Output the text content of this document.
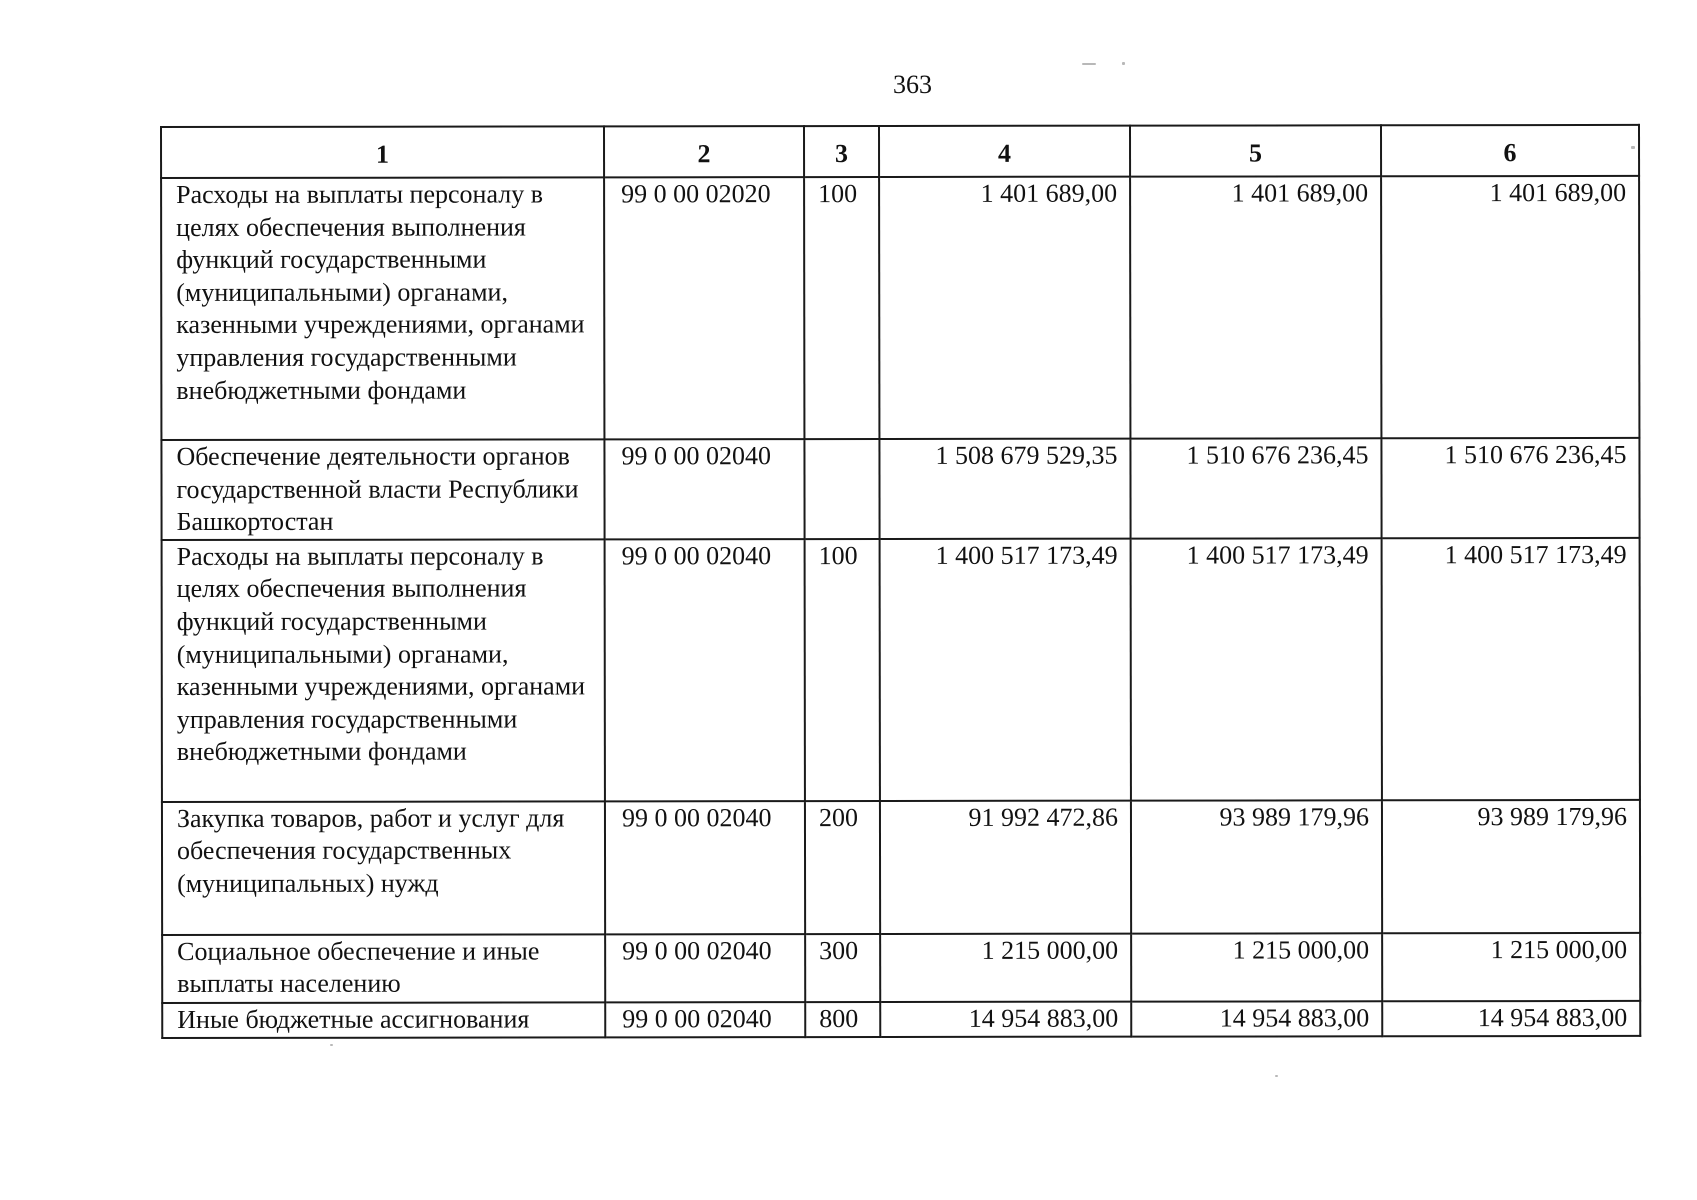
363
1	2	3	4	5	6
Расходы на выплаты персоналу в целях обеспечения выполнения функций государственными (муниципальными) органами, казенными учреждениями, органами управления государственными внебюджетными фондами	99 0 00 02020	100	1 401 689,00	1 401 689,00	1 401 689,00
Обеспечение деятельности органов государственной власти Республики Башкортостан	99 0 00 02040		1 508 679 529,35	1 510 676 236,45	1 510 676 236,45
Расходы на выплаты персоналу в целях обеспечения выполнения функций государственными (муниципальными) органами, казенными учреждениями, органами управления государственными внебюджетными фондами	99 0 00 02040	100	1 400 517 173,49	1 400 517 173,49	1 400 517 173,49
Закупка товаров, работ и услуг для обеспечения государственных (муниципальных) нужд	99 0 00 02040	200	91 992 472,86	93 989 179,96	93 989 179,96
Социальное обеспечение и иные выплаты населению	99 0 00 02040	300	1 215 000,00	1 215 000,00	1 215 000,00
Иные бюджетные ассигнования	99 0 00 02040	800	14 954 883,00	14 954 883,00	14 954 883,00
